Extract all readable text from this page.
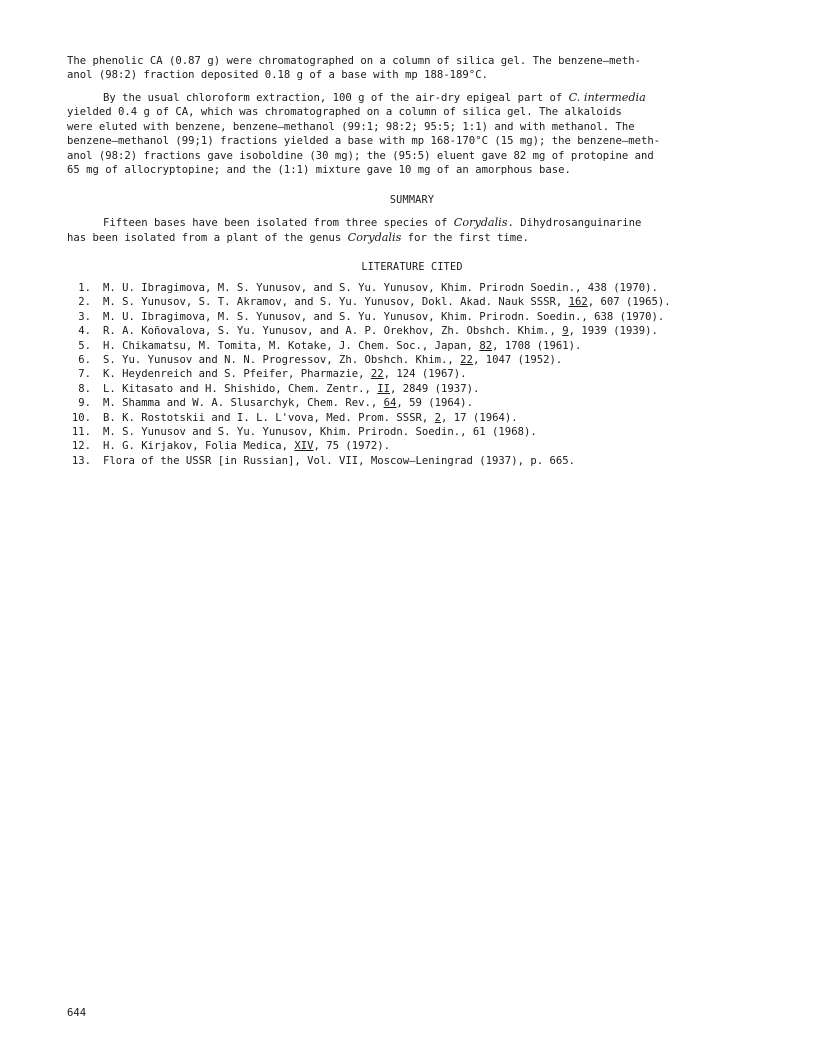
The phenolic CA (0.87 g) were chromatographed on a column of silica gel. The benzene—meth-

anol (98:2) fraction deposited 0.18 g of a base with mp 188-189°C.

By the usual chloroform extraction, 100 g of the air-dry epigeal part of C. intermedia

yielded 0.4 g of CA, which was chromatographed on a column of silica gel. The alkaloids

were eluted with benzene, benzene—methanol (99:1; 98:2; 95:5; 1:1) and with methanol. The

benzene—methanol (99;1) fractions yielded a base with mp 168-170°C (15 mg); the benzene—meth-

anol (98:2) fractions gave isoboldine (30 mg); the (95:5) eluent gave 82 mg of protopine and

65 mg of allocryptopine; and the (1:1) mixture gave 10 mg of an amorphous base.

SUMMARY

Fifteen bases have been isolated from three species of Corydalis. Dihydrosanguinarine

has been isolated from a plant of the genus Corydalis for the first time.

LITERATURE CITED

1. M. U. Ibragimova, M. S. Yunusov, and S. Yu. Yunusov, Khim. Prirodn Soedin., 438 (1970).
2. M. S. Yunusov, S. T. Akramov, and S. Yu. Yunusov, Dokl. Akad. Nauk SSSR, 162, 607 (1965).
3. M. U. Ibragimova, M. S. Yunusov, and S. Yu. Yunusov, Khim. Prirodn. Soedin., 638 (1970).
4. R. A. Koñovalova, S. Yu. Yunusov, and A. P. Orekhov, Zh. Obshch. Khim., 9, 1939 (1939).
5. H. Chikamatsu, M. Tomita, M. Kotake, J. Chem. Soc., Japan, 82, 1708 (1961).
6. S. Yu. Yunusov and N. N. Progressov, Zh. Obshch. Khim., 22, 1047 (1952).
7. K. Heydenreich and S. Pfeifer, Pharmazie, 22, 124 (1967).
8. L. Kitasato and H. Shishido, Chem. Zentr., II, 2849 (1937).
9. M. Shamma and W. A. Slusarchyk, Chem. Rev., 64, 59 (1964).
10. B. K. Rostotskii and I. L. L'vova, Med. Prom. SSSR, 2, 17 (1964).
11. M. S. Yunusov and S. Yu. Yunusov, Khim. Prirodn. Soedin., 61 (1968).
12. H. G. Kirjakov, Folia Medica, XIV, 75 (1972).
13. Flora of the USSR [in Russian], Vol. VII, Moscow—Leningrad (1937), p. 665.
644
